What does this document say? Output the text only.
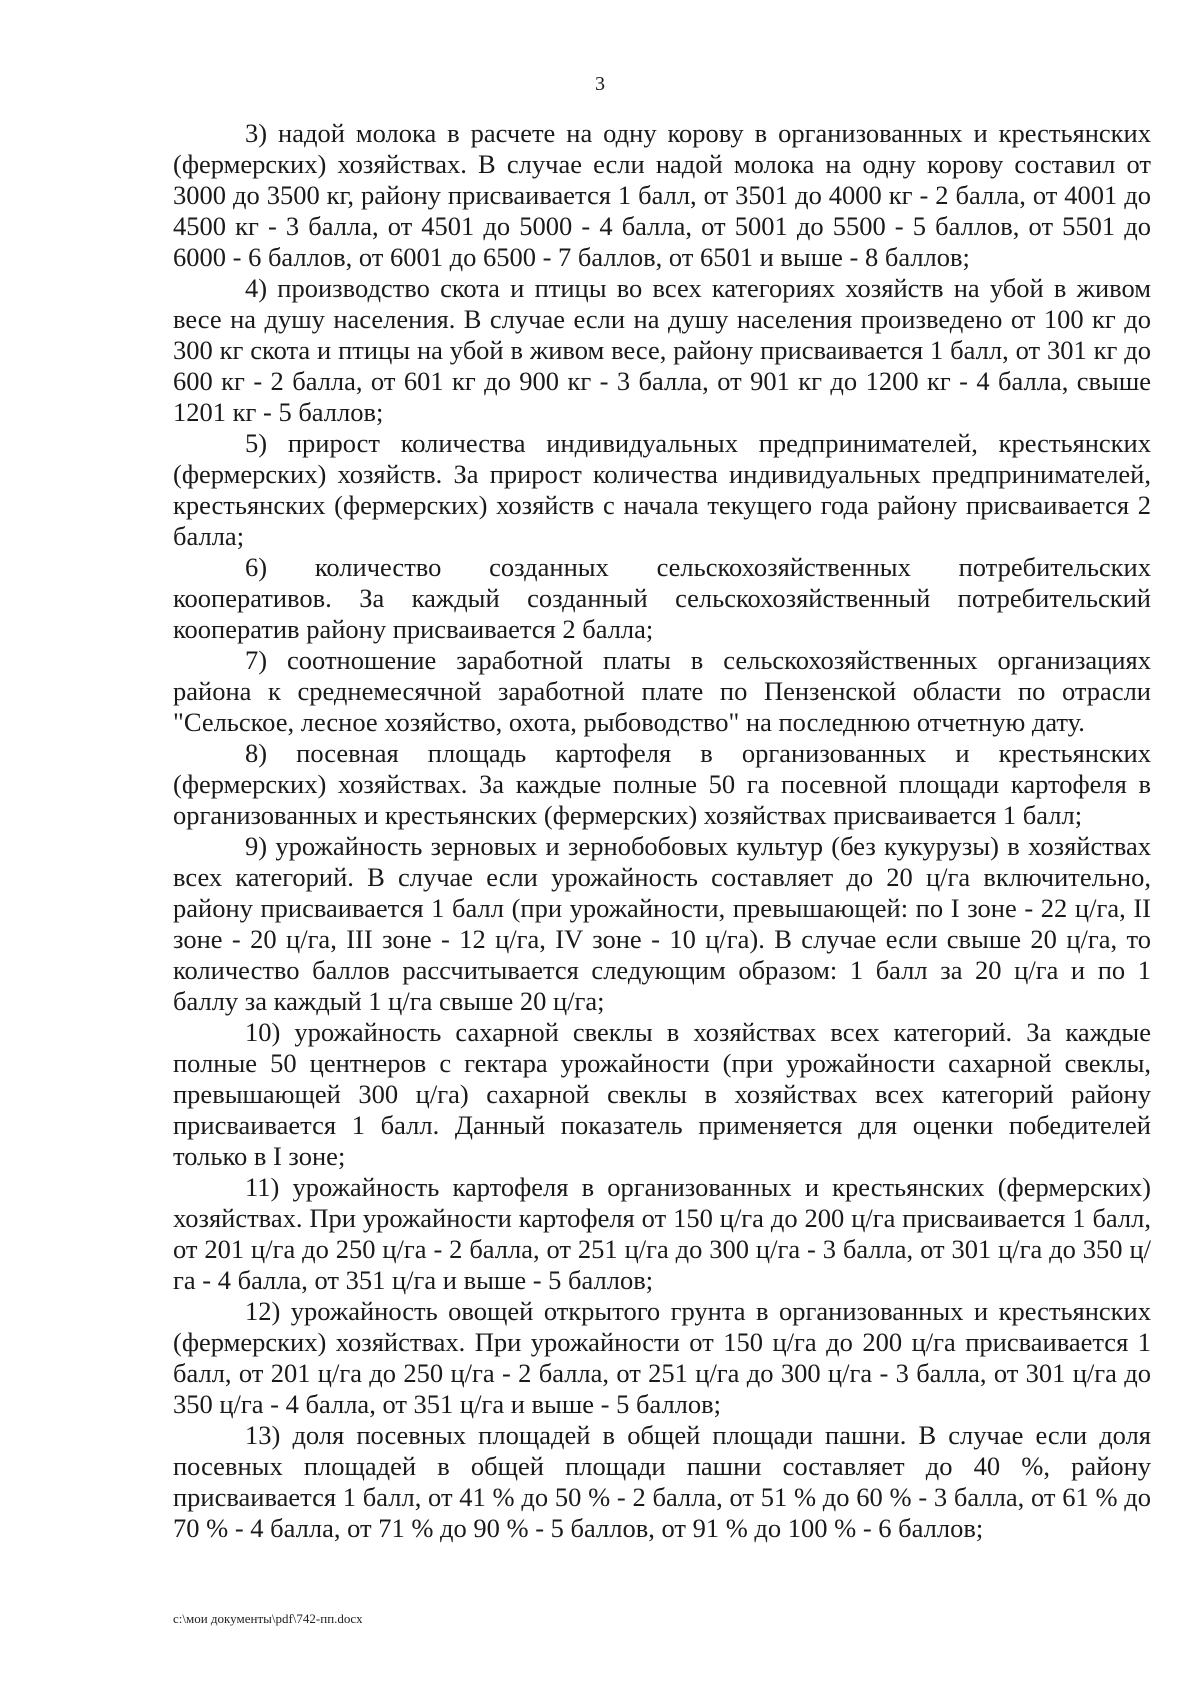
3

3) надой молока в расчете на одну корову в организованных и крестьянских (фермерских) хозяйствах. В случае если надой молока на одну корову составил от 3000 до 3500 кг, району присваивается 1 балл, от 3501 до 4000 кг - 2 балла, от 4001 до 4500 кг - 3 балла, от 4501 до 5000 - 4 балла, от 5001 до 5500 - 5 баллов, от 5501 до 6000 - 6 баллов, от 6001 до 6500 - 7 баллов, от 6501 и выше - 8 баллов;

4) производство скота и птицы во всех категориях хозяйств на убой в живом весе на душу населения. В случае если на душу населения произведено от 100 кг до 300 кг скота и птицы на убой в живом весе, району присваивается 1 балл, от 301 кг до 600 кг - 2 балла, от 601 кг до 900 кг - 3 балла, от 901 кг до 1200 кг - 4 балла, свыше 1201 кг - 5 баллов;

5) прирост количества индивидуальных предпринимателей, крестьянских (фермерских) хозяйств. За прирост количества индивидуальных предпринимателей, крестьянских (фермерских) хозяйств с начала текущего года району присваивается 2 балла;

6) количество созданных сельскохозяйственных потребительских кооперативов. За каждый созданный сельскохозяйственный потребительский кооператив району присваивается 2 балла;

7) соотношение заработной платы в сельскохозяйственных организациях района к среднемесячной заработной плате по Пензенской области по отрасли "Сельское, лесное хозяйство, охота, рыбоводство" на последнюю отчетную дату.

8) посевная площадь картофеля в организованных и крестьянских (фермерских) хозяйствах. За каждые полные 50 га посевной площади картофеля в организованных и крестьянских (фермерских) хозяйствах присваивается 1 балл;

9) урожайность зерновых и зернобобовых культур (без кукурузы) в хозяйствах всех категорий. В случае если урожайность составляет до 20 ц/га включительно, району присваивается 1 балл (при урожайности, превышающей: по I зоне - 22 ц/га, II зоне - 20 ц/га, III зоне - 12 ц/га, IV зоне - 10 ц/га). В случае если свыше 20 ц/га, то количество баллов рассчитывается следующим образом: 1 балл за 20 ц/га и по 1 баллу за каждый 1 ц/га свыше 20 ц/га;

10) урожайность сахарной свеклы в хозяйствах всех категорий. За каждые полные 50 центнеров с гектара урожайности (при урожайности сахарной свеклы, превышающей 300 ц/га) сахарной свеклы в хозяйствах всех категорий району присваивается 1 балл. Данный показатель применяется для оценки победителей только в I зоне;

11) урожайность картофеля в организованных и крестьянских (фермерских) хозяйствах. При урожайности картофеля от 150 ц/га до 200 ц/га присваивается 1 балл, от 201 ц/га до 250 ц/га - 2 балла, от 251 ц/га до 300 ц/га - 3 балла, от 301 ц/га до 350 ц/га - 4 балла, от 351 ц/га и выше - 5 баллов;

12) урожайность овощей открытого грунта в организованных и крестьянских (фермерских) хозяйствах. При урожайности от 150 ц/га до 200 ц/га присваивается 1 балл, от 201 ц/га до 250 ц/га - 2 балла, от 251 ц/га до 300 ц/га - 3 балла, от 301 ц/га до 350 ц/га - 4 балла, от 351 ц/га и выше - 5 баллов;

13) доля посевных площадей в общей площади пашни. В случае если доля посевных площадей в общей площади пашни составляет до 40 %, району присваивается 1 балл, от 41 % до 50 % - 2 балла, от 51 % до 60 % - 3 балла, от 61 % до 70 % - 4 балла, от 71 % до 90 % - 5 баллов, от 91 % до 100 % - 6 баллов;

c:\мои документы\pdf\742-пп.docx
